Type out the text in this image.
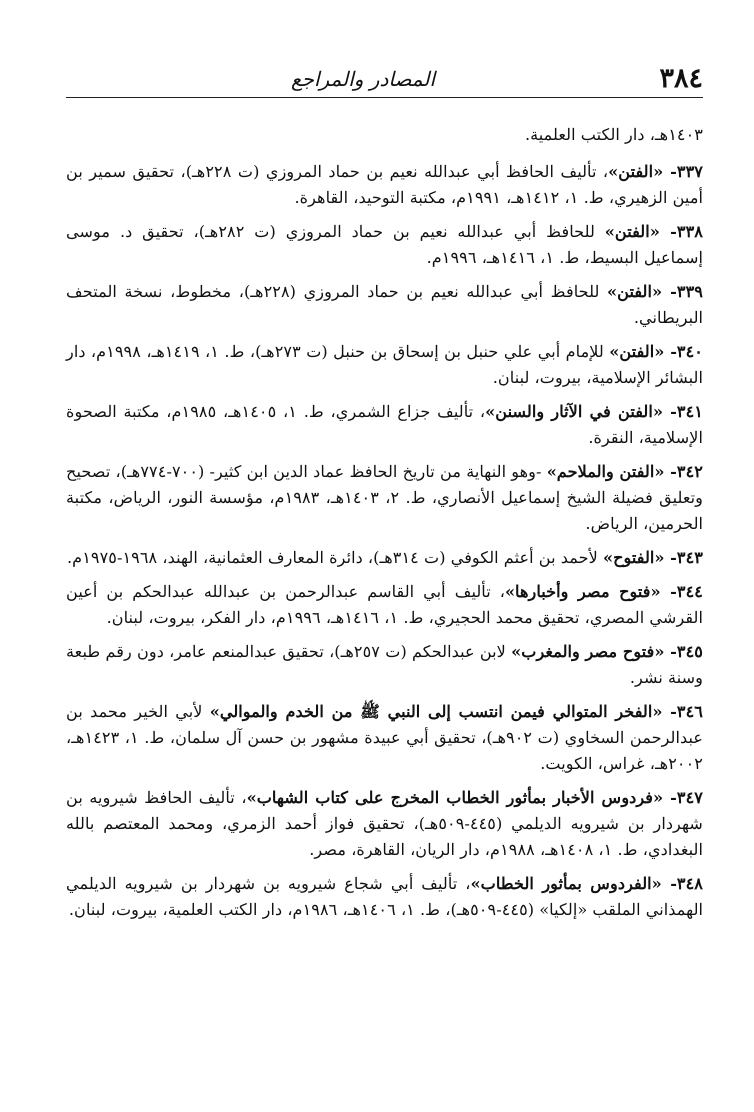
٣٨٤
المصادر والمراجع

١٤٠٣هـ، دار الكتب العلمية.

٣٣٧- «الفتن»، تأليف الحافظ أبي عبدالله نعيم بن حماد المروزي (ت ٢٢٨هـ)، تحقيق سمير بن أمين الزهيري، ط. ١، ١٤١٢هـ، ١٩٩١م، مكتبة التوحيد، القاهرة.

٣٣٨- «الفتن» للحافظ أبي عبدالله نعيم بن حماد المروزي (ت ٢٨٢هـ)، تحقيق د. موسى إسماعيل البسيط، ط. ١، ١٤١٦هـ، ١٩٩٦م.

٣٣٩- «الفتن» للحافظ أبي عبدالله نعيم بن حماد المروزي (٢٢٨هـ)، مخطوط، نسخة المتحف البريطاني.

٣٤٠- «الفتن» للإمام أبي علي حنبل بن إسحاق بن حنبل (ت ٢٧٣هـ)، ط. ١، ١٤١٩هـ، ١٩٩٨م، دار البشائر الإسلامية، بيروت، لبنان.

٣٤١- «الفتن في الآثار والسنن»، تأليف جزاع الشمري، ط. ١، ١٤٠٥هـ، ١٩٨٥م، مكتبة الصحوة الإسلامية، النقرة.

٣٤٢- «الفتن والملاحم» -وهو النهاية من تاريخ الحافظ عماد الدين ابن كثير- (٧٠٠-٧٧٤هـ)، تصحيح وتعليق فضيلة الشيخ إسماعيل الأنصاري، ط. ٢، ١٤٠٣هـ، ١٩٨٣م، مؤسسة النور، الرياض، مكتبة الحرمين، الرياض.

٣٤٣- «الفتوح» لأحمد بن أعثم الكوفي (ت ٣١٤هـ)، دائرة المعارف العثمانية، الهند، ١٩٦٨-١٩٧٥م.

٣٤٤- «فتوح مصر وأخبارها»، تأليف أبي القاسم عبدالرحمن بن عبدالله عبدالحكم بن أعين القرشي المصري، تحقيق محمد الحجيري، ط. ١، ١٤١٦هـ، ١٩٩٦م، دار الفكر، بيروت، لبنان.

٣٤٥- «فتوح مصر والمغرب» لابن عبدالحكم (ت ٢٥٧هـ)، تحقيق عبدالمنعم عامر، دون رقم طبعة وسنة نشر.

٣٤٦- «الفخر المتوالي فيمن انتسب إلى النبي ﷺ من الخدم والموالي» لأبي الخير محمد بن عبدالرحمن السخاوي (ت ٩٠٢هـ)، تحقيق أبي عبيدة مشهور بن حسن آل سلمان، ط. ١، ١٤٢٣هـ، ٢٠٠٢هـ، غراس، الكويت.

٣٤٧- «فردوس الأخبار بمأثور الخطاب المخرج على كتاب الشهاب»، تأليف الحافظ شيرويه بن شهردار بن شيرويه الديلمي (٤٤٥-٥٠٩هـ)، تحقيق فواز أحمد الزمري، ومحمد المعتصم بالله البغدادي، ط. ١، ١٤٠٨هـ، ١٩٨٨م، دار الريان، القاهرة، مصر.

٣٤٨- «الفردوس بمأثور الخطاب»، تأليف أبي شجاع شيرويه بن شهردار بن شيرويه الديلمي الهمذاني الملقب «إلكيا» (٤٤٥-٥٠٩هـ)، ط. ١، ١٤٠٦هـ، ١٩٨٦م، دار الكتب العلمية، بيروت، لبنان.
